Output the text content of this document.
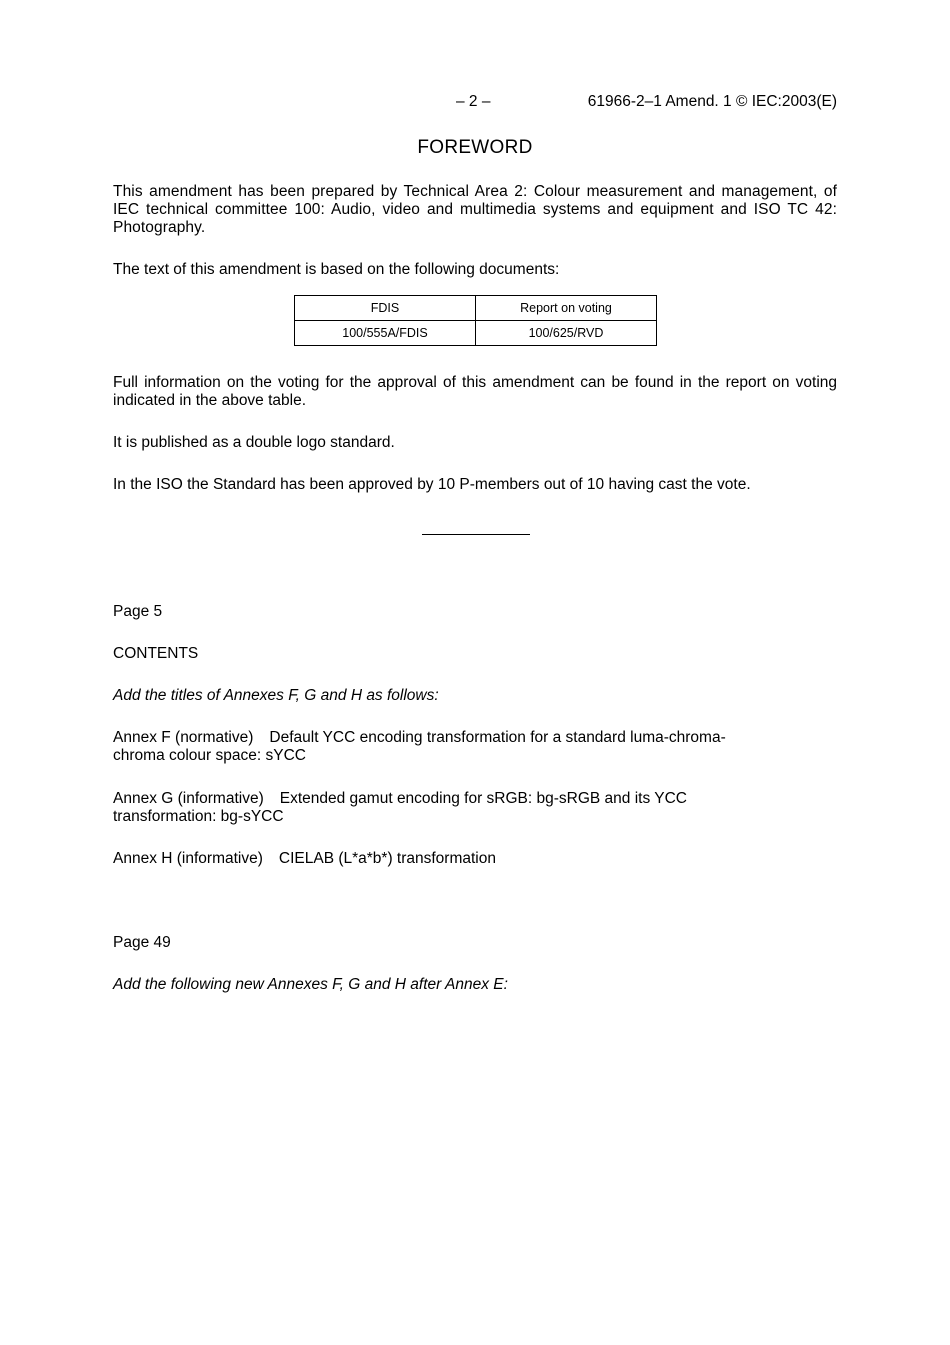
– 2 –	61966-2–1 Amend. 1 © IEC:2003(E)
FOREWORD
This amendment has been prepared by Technical Area 2: Colour measurement and management, of IEC technical committee 100: Audio, video and multimedia systems and equipment and ISO TC 42: Photography.
The text of this amendment is based on the following documents:
FDIS	Report on voting
100/555A/FDIS	100/625/RVD
Full information on the voting for the approval of this amendment can be found in the report on voting indicated in the above table.
It is published as a double logo standard.
In the ISO the Standard has been approved by 10 P-members out of 10 having cast the vote.
Page 5
CONTENTS
Add the titles of Annexes F, G and H as follows:
Annex F (normative) Default YCC encoding transformation for a standard luma-chroma-
chroma colour space: sYCC
Annex G (informative) Extended gamut encoding for sRGB: bg-sRGB and its YCC
transformation: bg-sYCC
Annex H (informative) CIELAB (L*a*b*) transformation
Page 49
Add the following new Annexes F, G and H after Annex E:
